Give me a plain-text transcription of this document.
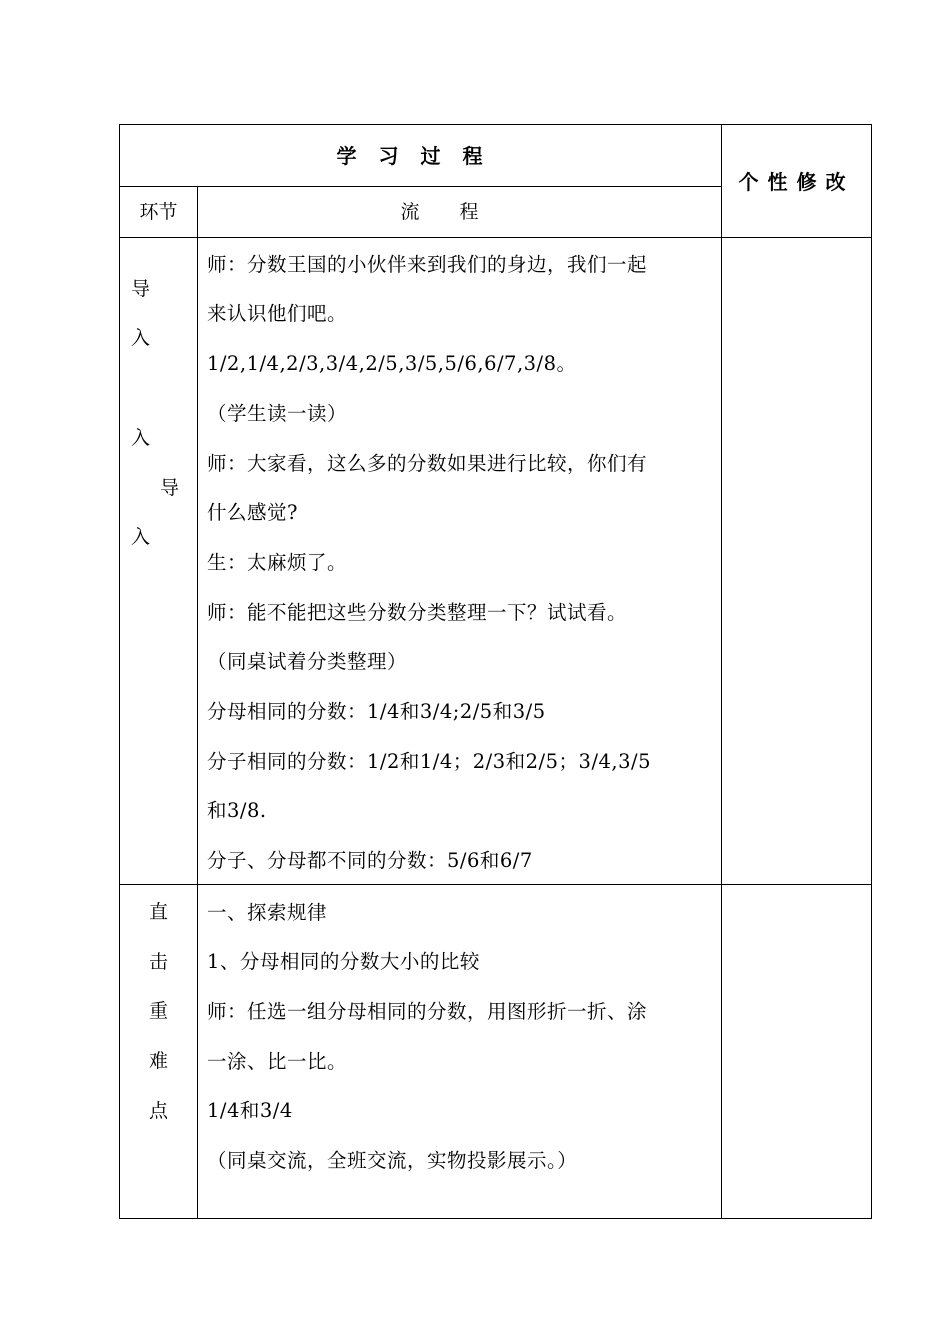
学习过程
个性修改
环节	流程
导
入
入
导
入
师：分数王国的小伙伴来到我们的身边，我们一起
来认识他们吧。
1/2,1/4,2/3,3/4,2/5,3/5,5/6,6/7,3/8。
（学生读一读）
师：大家看，这么多的分数如果进行比较，你们有
什么感觉?
生：太麻烦了。
师：能不能把这些分数分类整理一下？试试看。
（同桌试着分类整理）
分母相同的分数：1/4和3/4;2/5和3/5
分子相同的分数：1/2和1/4；2/3和2/5；3/4,3/5
和3/8.
分子、分母都不同的分数：5/6和6/7
直
击
重
难
点
一、探索规律
1、分母相同的分数大小的比较
师：任选一组分母相同的分数，用图形折一折、涂
一涂、比一比。
1/4和3/4
（同桌交流，全班交流，实物投影展示。）
